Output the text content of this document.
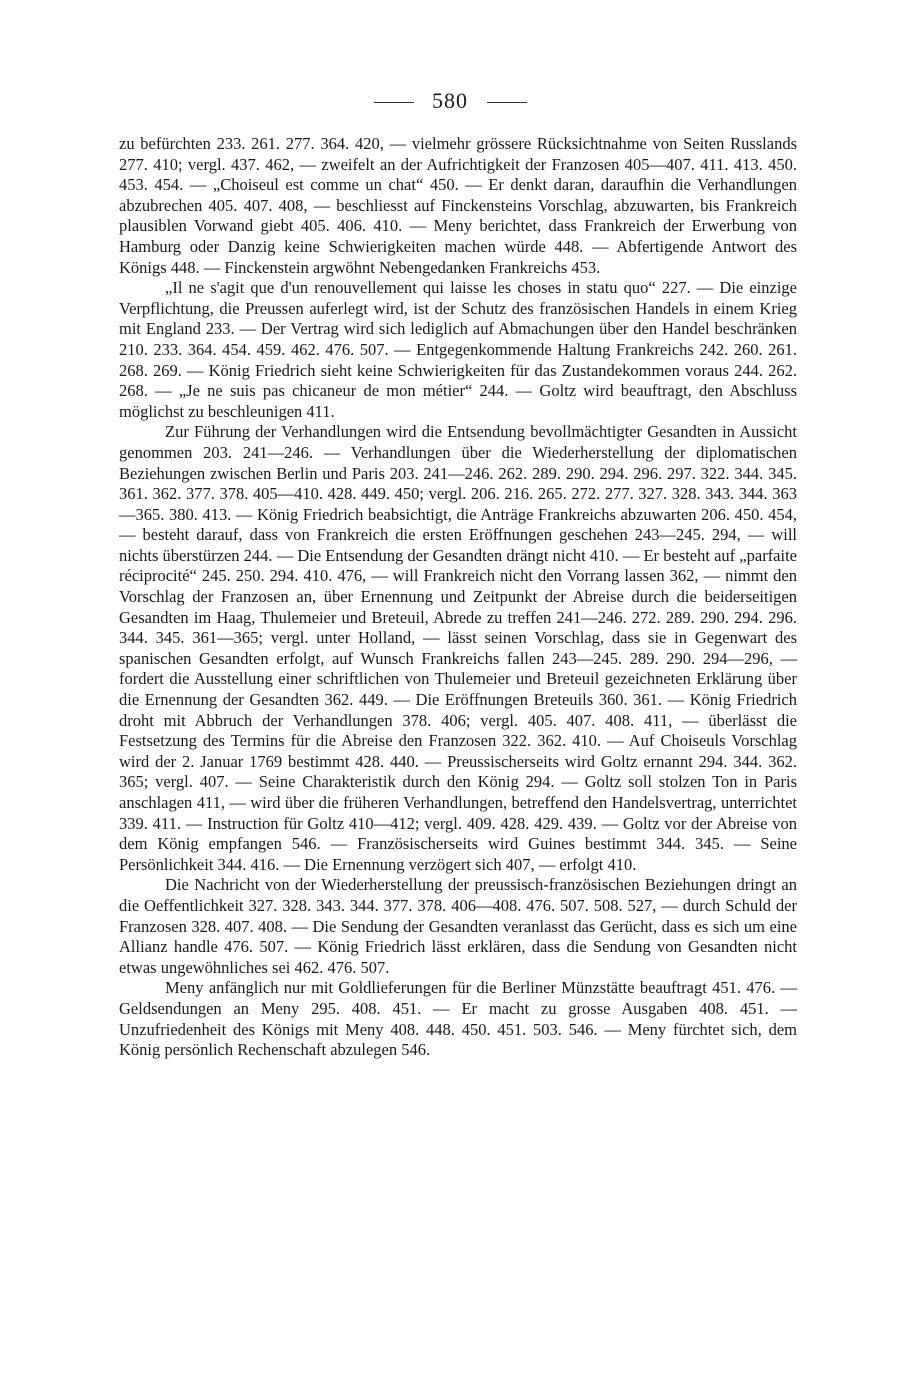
580

zu befürchten 233. 261. 277. 364. 420, — vielmehr grössere Rücksichtnahme von Seiten Russlands 277. 410; vergl. 437. 462, — zweifelt an der Aufrichtigkeit der Franzosen 405—407. 411. 413. 450. 453. 454. — „Choiseul est comme un chat“ 450. — Er denkt daran, daraufhin die Verhandlungen abzubrechen 405. 407. 408, — beschliesst auf Finckensteins Vorschlag, abzuwarten, bis Frankreich plausiblen Vorwand giebt 405. 406. 410. — Meny berichtet, dass Frankreich der Erwerbung von Hamburg oder Danzig keine Schwierigkeiten machen würde 448. — Abfertigende Antwort des Königs 448. — Finckenstein argwöhnt Nebengedanken Frankreichs 453.

„Il ne s'agit que d'un renouvellement qui laisse les choses in statu quo“ 227. — Die einzige Verpflichtung, die Preussen auferlegt wird, ist der Schutz des französischen Handels in einem Krieg mit England 233. — Der Vertrag wird sich lediglich auf Abmachungen über den Handel beschränken 210. 233. 364. 454. 459. 462. 476. 507. — Entgegenkommende Haltung Frankreichs 242. 260. 261. 268. 269. — König Friedrich sieht keine Schwierigkeiten für das Zustandekommen voraus 244. 262. 268. — „Je ne suis pas chicaneur de mon métier“ 244. — Goltz wird beauftragt, den Abschluss möglichst zu beschleunigen 411.

Zur Führung der Verhandlungen wird die Entsendung bevollmächtigter Gesandten in Aussicht genommen 203. 241—246. — Verhandlungen über die Wiederherstellung der diplomatischen Beziehungen zwischen Berlin und Paris 203. 241—246. 262. 289. 290. 294. 296. 297. 322. 344. 345. 361. 362. 377. 378. 405—410. 428. 449. 450; vergl. 206. 216. 265. 272. 277. 327. 328. 343. 344. 363—365. 380. 413. — König Friedrich beabsichtigt, die Anträge Frankreichs abzuwarten 206. 450. 454, — besteht darauf, dass von Frankreich die ersten Eröffnungen geschehen 243—245. 294, — will nichts überstürzen 244. — Die Entsendung der Gesandten drängt nicht 410. — Er besteht auf „parfaite réciprocité“ 245. 250. 294. 410. 476, — will Frankreich nicht den Vorrang lassen 362, — nimmt den Vorschlag der Franzosen an, über Ernennung und Zeitpunkt der Abreise durch die beiderseitigen Gesandten im Haag, Thulemeier und Breteuil, Abrede zu treffen 241—246. 272. 289. 290. 294. 296. 344. 345. 361—365; vergl. unter Holland, — lässt seinen Vorschlag, dass sie in Gegenwart des spanischen Gesandten erfolgt, auf Wunsch Frankreichs fallen 243—245. 289. 290. 294—296, — fordert die Ausstellung einer schriftlichen von Thulemeier und Breteuil gezeichneten Erklärung über die Ernennung der Gesandten 362. 449. — Die Eröffnungen Breteuils 360. 361. — König Friedrich droht mit Abbruch der Verhandlungen 378. 406; vergl. 405. 407. 408. 411, — überlässt die Festsetzung des Termins für die Abreise den Franzosen 322. 362. 410. — Auf Choiseuls Vorschlag wird der 2. Januar 1769 bestimmt 428. 440. — Preussischerseits wird Goltz ernannt 294. 344. 362. 365; vergl. 407. — Seine Charakteristik durch den König 294. — Goltz soll stolzen Ton in Paris anschlagen 411, — wird über die früheren Verhandlungen, betreffend den Handelsvertrag, unterrichtet 339. 411. — Instruction für Goltz 410—412; vergl. 409. 428. 429. 439. — Goltz vor der Abreise von dem König empfangen 546. — Französischerseits wird Guines bestimmt 344. 345. — Seine Persönlichkeit 344. 416. — Die Ernennung verzögert sich 407, — erfolgt 410.

Die Nachricht von der Wiederherstellung der preussisch-französischen Beziehungen dringt an die Oeffentlichkeit 327. 328. 343. 344. 377. 378. 406—408. 476. 507. 508. 527, — durch Schuld der Franzosen 328. 407. 408. — Die Sendung der Gesandten veranlasst das Gerücht, dass es sich um eine Allianz handle 476. 507. — König Friedrich lässt erklären, dass die Sendung von Gesandten nicht etwas ungewöhnliches sei 462. 476. 507.

Meny anfänglich nur mit Goldlieferungen für die Berliner Münzstätte beauftragt 451. 476. — Geldsendungen an Meny 295. 408. 451. — Er macht zu grosse Ausgaben 408. 451. — Unzufriedenheit des Königs mit Meny 408. 448. 450. 451. 503. 546. — Meny fürchtet sich, dem König persönlich Rechenschaft abzulegen 546.
